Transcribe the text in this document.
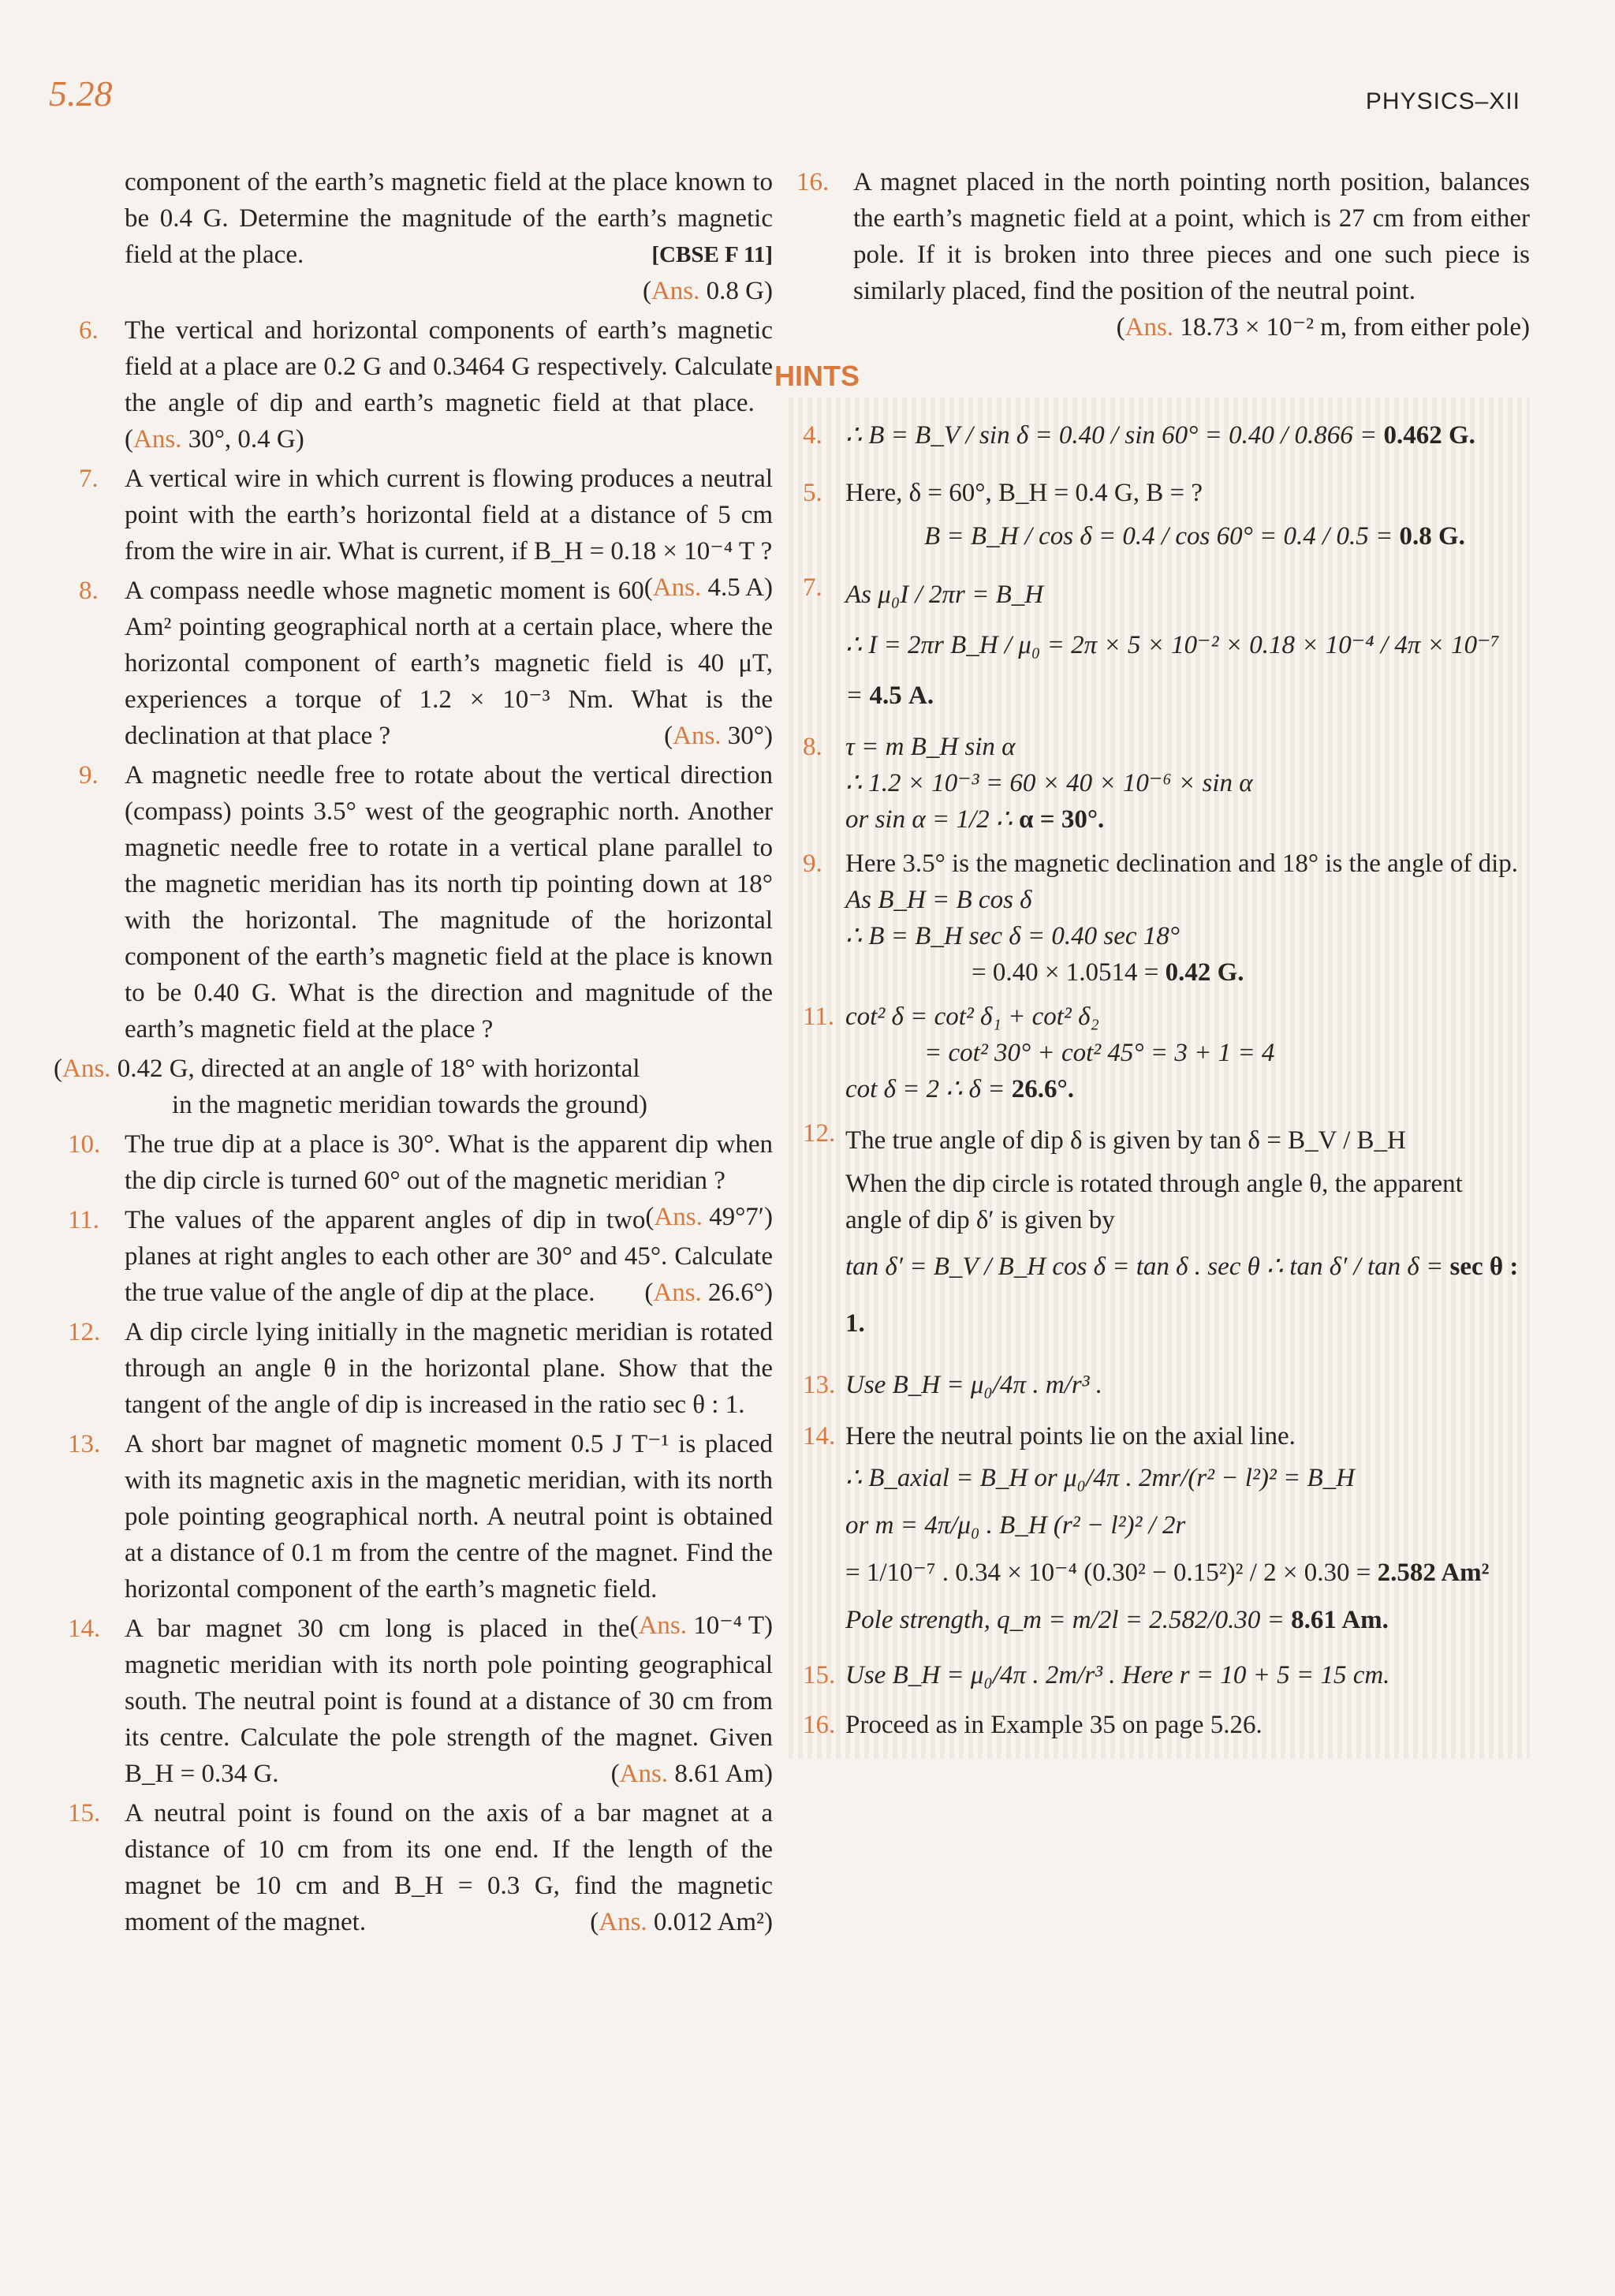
5.28	PHYSICS–XII
component of the earth’s magnetic field at the place known to be 0.4 G. Determine the magnitude of the earth’s magnetic field at the place.	[CBSE F 11]
(Ans. 0.8 G)
6. The vertical and horizontal components of earth’s magnetic field at a place are 0.2 G and 0.3464 G respectively. Calculate the angle of dip and earth’s magnetic field at that place.   (Ans. 30°, 0.4 G)
7. A vertical wire in which current is flowing produces a neutral point with the earth’s horizontal field at a distance of 5 cm from the wire in air. What is current, if B_H = 0.18 × 10⁻⁴ T ?
(Ans. 4.5 A)
8. A compass needle whose magnetic moment is 60 Am² pointing geographical north at a certain place, where the horizontal component of earth’s magnetic field is 40 μT, experiences a torque of 1.2 × 10⁻³ Nm. What is the declination at that place ?	(Ans. 30°)
9. A magnetic needle free to rotate about the vertical direction (compass) points 3.5° west of the geographic north. Another magnetic needle free to rotate in a vertical plane parallel to the magnetic meridian has its north tip pointing down at 18° with the horizontal. The magnitude of the horizontal component of the earth’s magnetic field at the place is known to be 0.40 G. What is the direction and magnitude of the earth’s magnetic field at the place ?
(Ans. 0.42 G, directed at an angle of 18° with horizontal
in the magnetic meridian towards the ground)
10. The true dip at a place is 30°. What is the apparent dip when the dip circle is turned 60° out of the magnetic meridian ?
(Ans. 49°7′)
11. The values of the apparent angles of dip in two planes at right angles to each other are 30° and 45°. Calculate the true value of the angle of dip at the place. (Ans. 26.6°)
12. A dip circle lying initially in the magnetic meridian is rotated through an angle θ in the horizontal plane. Show that the tangent of the angle of dip is increased in the ratio sec θ : 1.
13. A short bar magnet of magnetic moment 0.5 J T⁻¹ is placed with its magnetic axis in the magnetic meridian, with its north pole pointing geographical north. A neutral point is obtained at a distance of 0.1 m from the centre of the magnet. Find the horizontal component of the earth’s magnetic field.
(Ans. 10⁻⁴ T)
14. A bar magnet 30 cm long is placed in the magnetic meridian with its north pole pointing geographical south. The neutral point is found at a distance of 30 cm from its centre. Calculate the pole strength of the magnet. Given B_H = 0.34 G.	(Ans. 8.61 Am)
15. A neutral point is found on the axis of a bar magnet at a distance of 10 cm from its one end. If the length of the magnet be 10 cm and B_H = 0.3 G, find the magnetic moment of the magnet.	(Ans. 0.012 Am²)
16. A magnet placed in the north pointing north position, balances the earth’s magnetic field at a point, which is 27 cm from either pole. If it is broken into three pieces and one such piece is similarly placed, find the position of the neutral point.
(Ans. 18.73 × 10⁻² m, from either pole)
HINTS
4. ∴ B = B_V / sin δ = 0.40 / sin 60° = 0.40 / 0.866 = 0.462 G.
5. Here, δ = 60°, B_H = 0.4 G, B = ?
B = B_H / cos δ = 0.4 / cos 60° = 0.4 / 0.5 = 0.8 G.
7. As μ₀I / 2πr = B_H
∴ I = 2πr B_H / μ₀ = 2π × 5 × 10⁻² × 0.18 × 10⁻⁴ / 4π × 10⁻⁷ = 4.5 A.
8. τ = m B_H sin α
∴ 1.2 × 10⁻³ = 60 × 40 × 10⁻⁶ × sin α
or sin α = 1/2 ∴ α = 30°.
9. Here 3.5° is the magnetic declination and 18° is the angle of dip.
As B_H = B cos δ
∴ B = B_H sec δ = 0.40 sec 18°
= 0.40 × 1.0514 = 0.42 G.
11. cot² δ = cot² δ₁ + cot² δ₂
= cot² 30° + cot² 45° = 3 + 1 = 4
cot δ = 2 ∴ δ = 26.6°.
12. The true angle of dip δ is given by tan δ = B_V / B_H
When the dip circle is rotated through angle θ, the apparent angle of dip δ′ is given by
tan δ′ = B_V / B_H cos δ = tan δ . sec θ ∴ tan δ′ / tan δ = sec θ : 1.
13. Use B_H = μ₀/4π . m/r³ .
14. Here the neutral points lie on the axial line.
∴ B_axial = B_H or μ₀/4π . 2mr/(r² − l²)² = B_H
or m = 4π/μ₀ . B_H (r² − l²)² / 2r
= 1/10⁻⁷ . 0.34 × 10⁻⁴ (0.30² − 0.15²)² / 2 × 0.30 = 2.582 Am²
Pole strength, q_m = m/2l = 2.582/0.30 = 8.61 Am.
15. Use B_H = μ₀/4π . 2m/r³ . Here r = 10 + 5 = 15 cm.
16. Proceed as in Example 35 on page 5.26.
